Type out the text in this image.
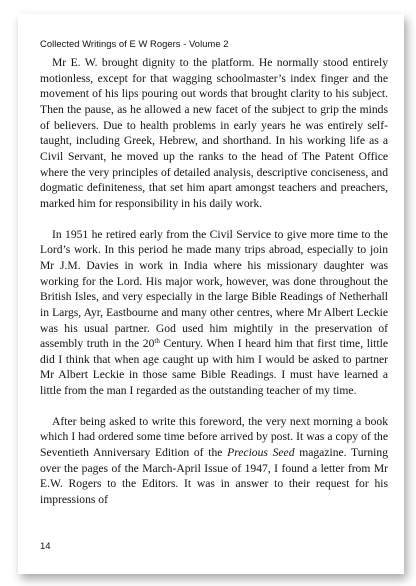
Collected Writings of E W Rogers - Volume 2

Mr E. W. brought dignity to the platform. He normally stood entirely motionless, except for that wagging schoolmaster’s index finger and the movement of his lips pouring out words that brought clarity to his subject. Then the pause, as he allowed a new facet of the subject to grip the minds of believers. Due to health problems in early years he was entirely self-taught, including Greek, Hebrew, and shorthand. In his working life as a Civil Servant, he moved up the ranks to the head of The Patent Office where the very principles of detailed analysis, descriptive conciseness, and dogmatic definiteness, that set him apart amongst teachers and preachers, marked him for responsibility in his daily work.

In 1951 he retired early from the Civil Service to give more time to the Lord’s work. In this period he made many trips abroad, especially to join Mr J.M. Davies in work in India where his missionary daughter was working for the Lord. His major work, however, was done throughout the British Isles, and very especially in the large Bible Readings of Netherhall in Largs, Ayr, Eastbourne and many other centres, where Mr Albert Leckie was his usual partner. God used him mightily in the preservation of assembly truth in the 20th Century. When I heard him that first time, little did I think that when age caught up with him I would be asked to partner Mr Albert Leckie in those same Bible Readings. I must have learned a little from the man I regarded as the outstanding teacher of my time.

After being asked to write this foreword, the very next morning a book which I had ordered some time before arrived by post. It was a copy of the Seventieth Anniversary Edition of the Precious Seed magazine. Turning over the pages of the March-April Issue of 1947, I found a letter from Mr E.W. Rogers to the Editors. It was in answer to their request for his impressions of

14
